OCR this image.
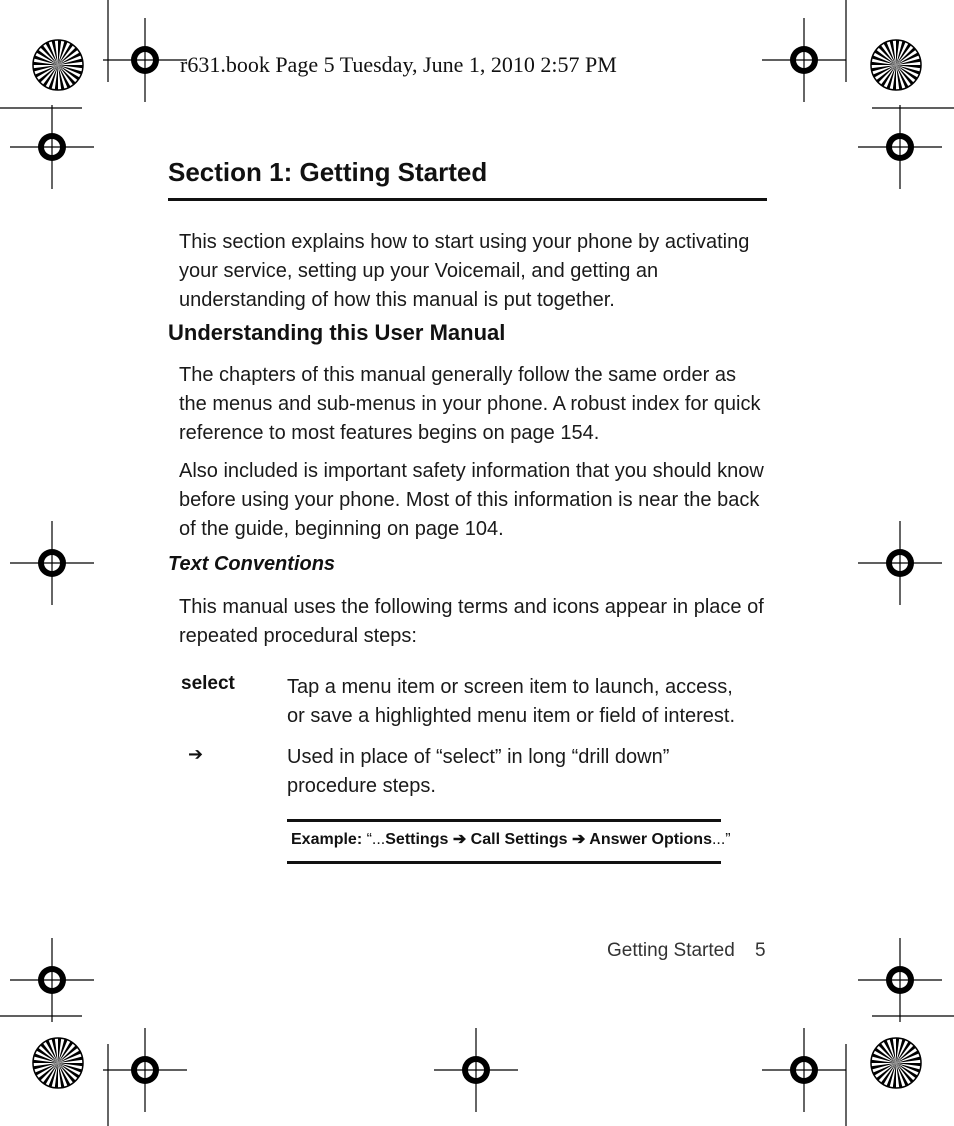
r631.book Page 5 Tuesday, June 1, 2010 2:57 PM
Section 1: Getting Started
This section explains how to start using your phone by activating your service, setting up your Voicemail, and getting an understanding of how this manual is put together.
Understanding this User Manual
The chapters of this manual generally follow the same order as the menus and sub-menus in your phone. A robust index for quick reference to most features begins on page 154.
Also included is important safety information that you should know before using your phone. Most of this information is near the back of the guide, beginning on page 104.
Text Conventions
This manual uses the following terms and icons appear in place of repeated procedural steps:
select	Tap a menu item or screen item to launch, access, or save a highlighted menu item or field of interest.
➔	Used in place of “select” in long “drill down” procedure steps.
Example: “...Settings ➔ Call Settings ➔ Answer Options...”
Getting Started 5
